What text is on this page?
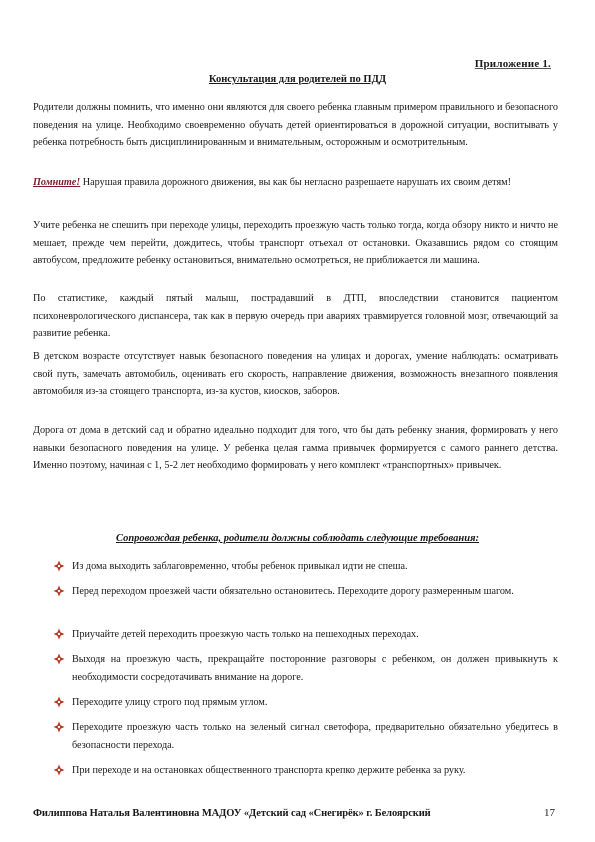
Приложение 1.
Консультация для родителей по ПДД

Родители должны помнить, что именно они являются для своего ребенка главным примером правильного и безопасного поведения на улице. Необходимо своевременно обучать детей ориентироваться в дорожной ситуации, воспитывать у ребенка потребность быть дисциплинированным и внимательным, осторожным и осмотрительным.

Помните! Нарушая правила дорожного движения, вы как бы негласно разрешаете нарушать их своим детям!

Учите ребенка не спешить при переходе улицы, переходить проезжую часть только тогда, когда обзору никто и ничто не мешает, прежде чем перейти, дождитесь, чтобы транспорт отъехал от остановки. Оказавшись рядом со стоящим автобусом, предложите ребенку остановиться, внимательно осмотреться, не приближается ли машина.

По статистике, каждый пятый малыш, пострадавший в ДТП, впоследствии становится пациентом психоневрологического диспансера, так как в первую очередь при авариях травмируется головной мозг, отвечающий за развитие ребенка.

В детском возрасте отсутствует навык безопасного поведения на улицах и дорогах, умение наблюдать: осматривать свой путь, замечать автомобиль, оценивать его скорость, направление движения, возможность внезапного появления автомобиля из-за стоящего транспорта, из-за кустов, киосков, заборов.

Дорога от дома в детский сад и обратно идеально подходит для того, что бы дать ребенку знания, формировать у него навыки безопасного поведения на улице. У ребенка целая гамма привычек формируется с самого раннего детства. Именно поэтому, начиная с 1, 5-2 лет необходимо формировать у него комплект «транспортных» привычек.

Сопровождая ребенка, родители должны соблюдать следующие требования:
Из дома выходить заблаговременно, чтобы ребенок привыкал идти не спеша.
Перед переходом проезжей части обязательно остановитесь. Переходите дорогу размеренным шагом.
Приучайте детей переходить проезжую часть только на пешеходных переходах.
Выходя на проезжую часть, прекращайте посторонние разговоры с ребенком, он должен привыкнуть к необходимости сосредотачивать внимание на дороге.
Переходите улицу строго под прямым углом.
Переходите проезжую часть только на зеленый сигнал светофора, предварительно обязательно убедитесь в безопасности перехода.
При переходе и на остановках общественного транспорта крепко держите ребенка за руку.
Филиппова Наталья Валентиновна МАДОУ «Детский сад «Снегирёк» г. Белоярский	17
